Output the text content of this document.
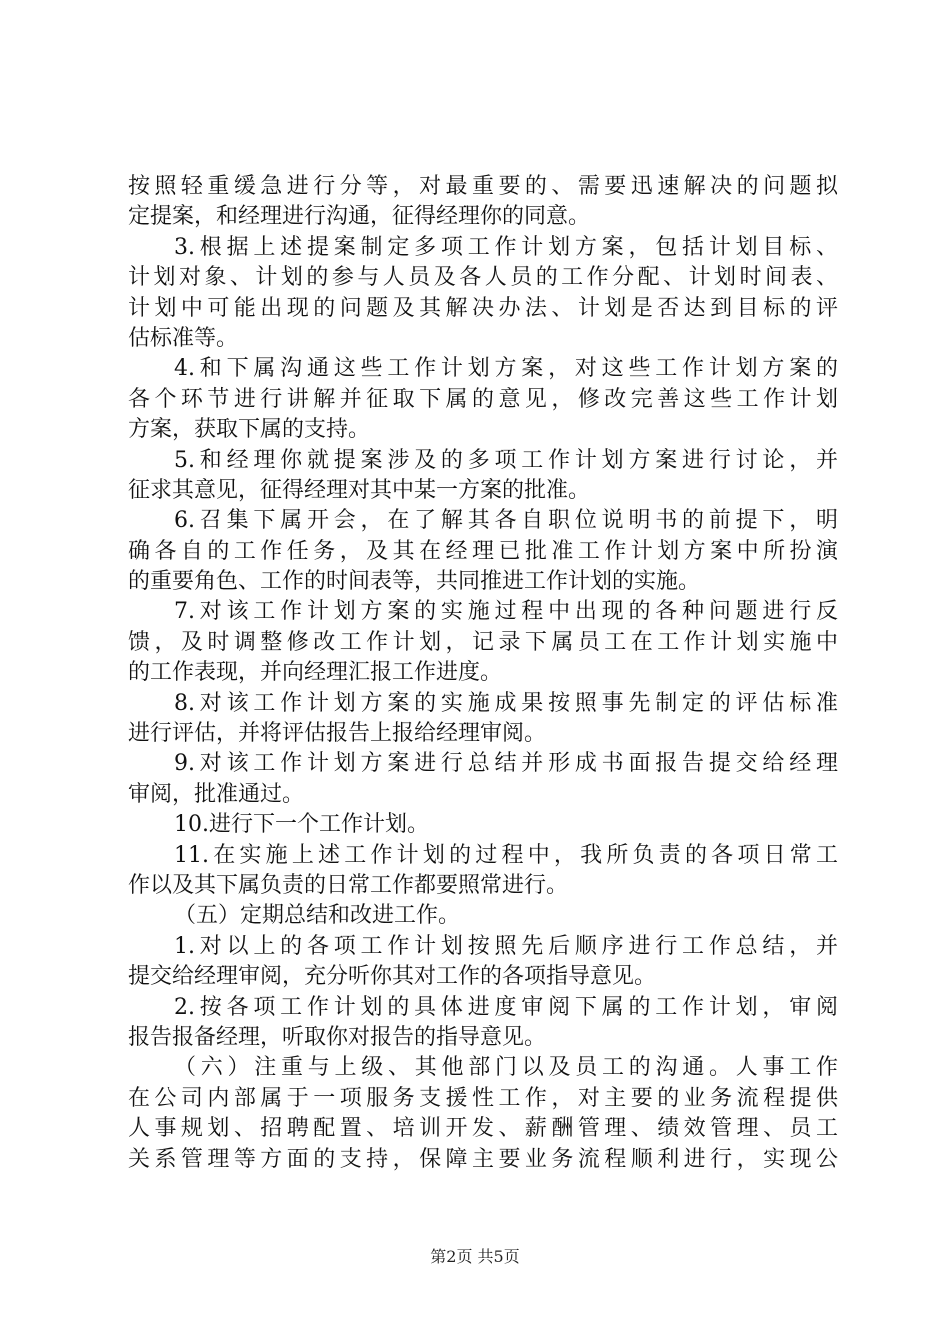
按照轻重缓急进行分等，对最重要的、需要迅速解决的问题拟
定提案，和经理进行沟通，征得经理你的同意。
3.根据上述提案制定多项工作计划方案，包括计划目标、
计划对象、计划的参与人员及各人员的工作分配、计划时间表、
计划中可能出现的问题及其解决办法、计划是否达到目标的评
估标准等。
4.和下属沟通这些工作计划方案，对这些工作计划方案的
各个环节进行讲解并征取下属的意见，修改完善这些工作计划
方案，获取下属的支持。
5.和经理你就提案涉及的多项工作计划方案进行讨论，并
征求其意见，征得经理对其中某一方案的批准。
6.召集下属开会，在了解其各自职位说明书的前提下，明
确各自的工作任务，及其在经理已批准工作计划方案中所扮演
的重要角色、工作的时间表等，共同推进工作计划的实施。
7.对该工作计划方案的实施过程中出现的各种问题进行反
馈，及时调整修改工作计划，记录下属员工在工作计划实施中
的工作表现，并向经理汇报工作进度。
8.对该工作计划方案的实施成果按照事先制定的评估标准
进行评估，并将评估报告上报给经理审阅。
9.对该工作计划方案进行总结并形成书面报告提交给经理
审阅，批准通过。
10.进行下一个工作计划。
11.在实施上述工作计划的过程中，我所负责的各项日常工
作以及其下属负责的日常工作都要照常进行。
（五）定期总结和改进工作。
1.对以上的各项工作计划按照先后顺序进行工作总结，并
提交给经理审阅，充分听你其对工作的各项指导意见。
2.按各项工作计划的具体进度审阅下属的工作计划，审阅
报告报备经理，听取你对报告的指导意见。
（六）注重与上级、其他部门以及员工的沟通。人事工作
在公司内部属于一项服务支援性工作，对主要的业务流程提供
人事规划、招聘配置、培训开发、薪酬管理、绩效管理、员工
关系管理等方面的支持，保障主要业务流程顺利进行，实现公
第2页 共5页
